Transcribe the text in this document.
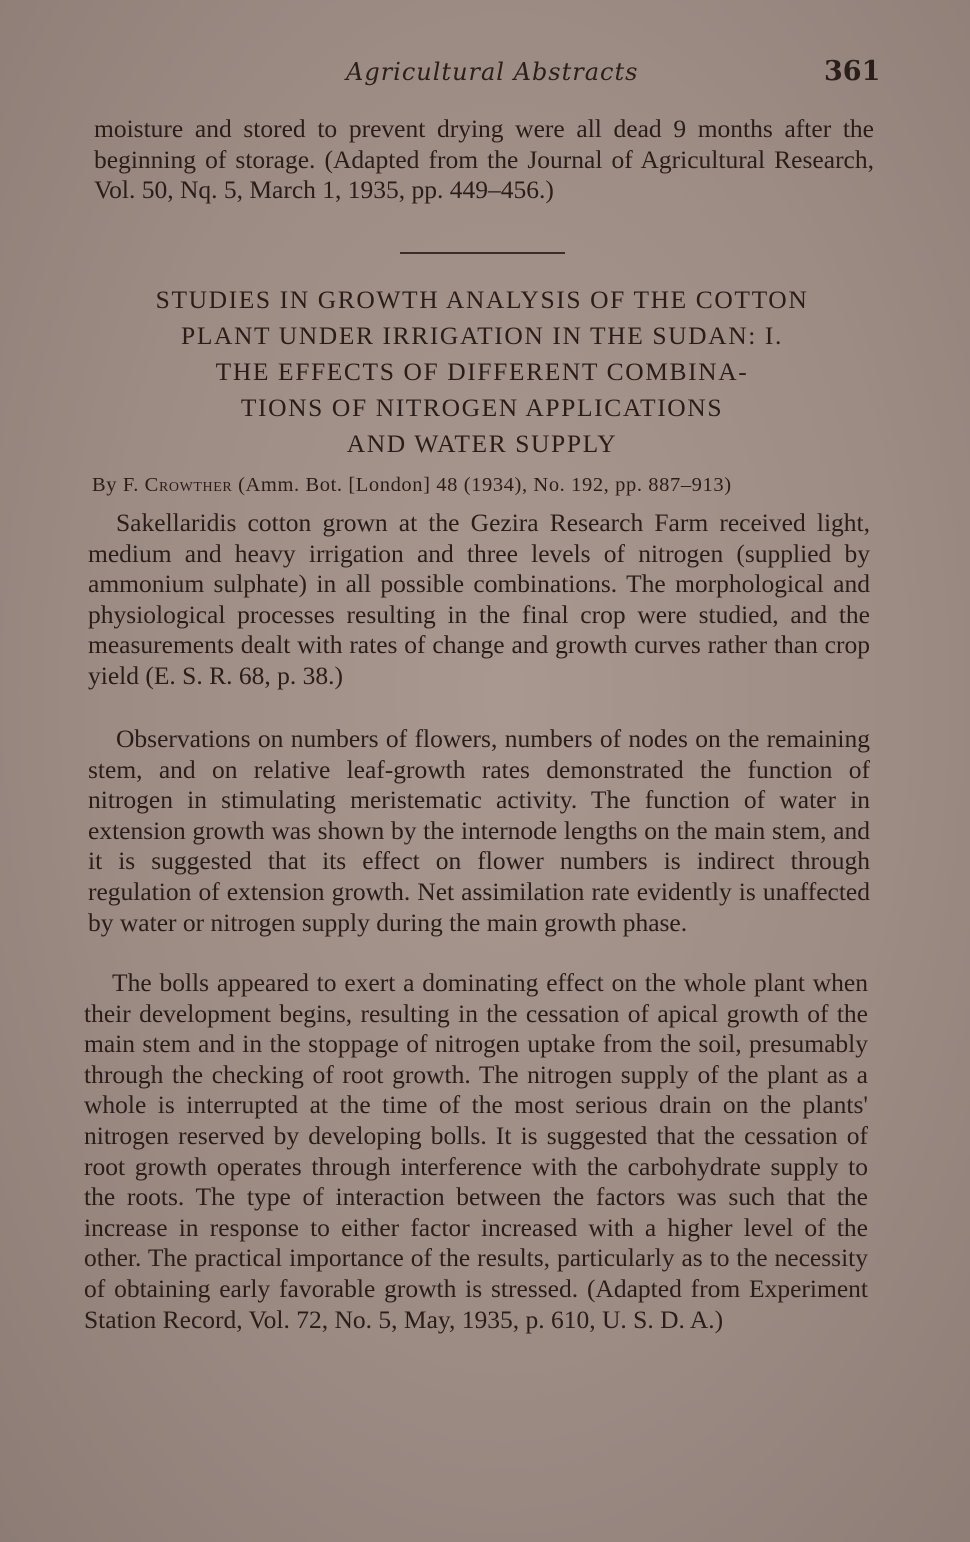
Agricultural Abstracts	361
moisture and stored to prevent drying were all dead 9 months after the beginning of storage. (Adapted from the Journal of Agricultural Research, Vol. 50, Nq. 5, March 1, 1935, pp. 449–456.)
STUDIES IN GROWTH ANALYSIS OF THE COTTON
PLANT UNDER IRRIGATION IN THE SUDAN: I.
THE EFFECTS OF DIFFERENT COMBINA-
TIONS OF NITROGEN APPLICATIONS
AND WATER SUPPLY
By F. Crowther (Amm. Bot. [London] 48 (1934), No. 192, pp. 887–913)

Sakellaridis cotton grown at the Gezira Research Farm received light, medium and heavy irrigation and three levels of nitrogen (supplied by ammonium sulphate) in all possible combinations. The morphological and physiological processes resulting in the final crop were studied, and the measurements dealt with rates of change and growth curves rather than crop yield (E. S. R. 68, p. 38.)

Observations on numbers of flowers, numbers of nodes on the remaining stem, and on relative leaf-growth rates demonstrated the function of nitrogen in stimulating meristematic activity. The function of water in extension growth was shown by the internode lengths on the main stem, and it is suggested that its effect on flower numbers is indirect through regulation of extension growth. Net assimilation rate evidently is unaffected by water or nitrogen supply during the main growth phase.

The bolls appeared to exert a dominating effect on the whole plant when their development begins, resulting in the cessation of apical growth of the main stem and in the stoppage of nitrogen uptake from the soil, presumably through the checking of root growth. The nitrogen supply of the plant as a whole is interrupted at the time of the most serious drain on the plants' nitrogen reserved by developing bolls. It is suggested that the cessation of root growth operates through interference with the carbohydrate supply to the roots. The type of interaction between the factors was such that the increase in response to either factor increased with a higher level of the other. The practical importance of the results, particularly as to the necessity of obtaining early favorable growth is stressed. (Adapted from Experiment Station Record, Vol. 72, No. 5, May, 1935, p. 610, U. S. D. A.)
